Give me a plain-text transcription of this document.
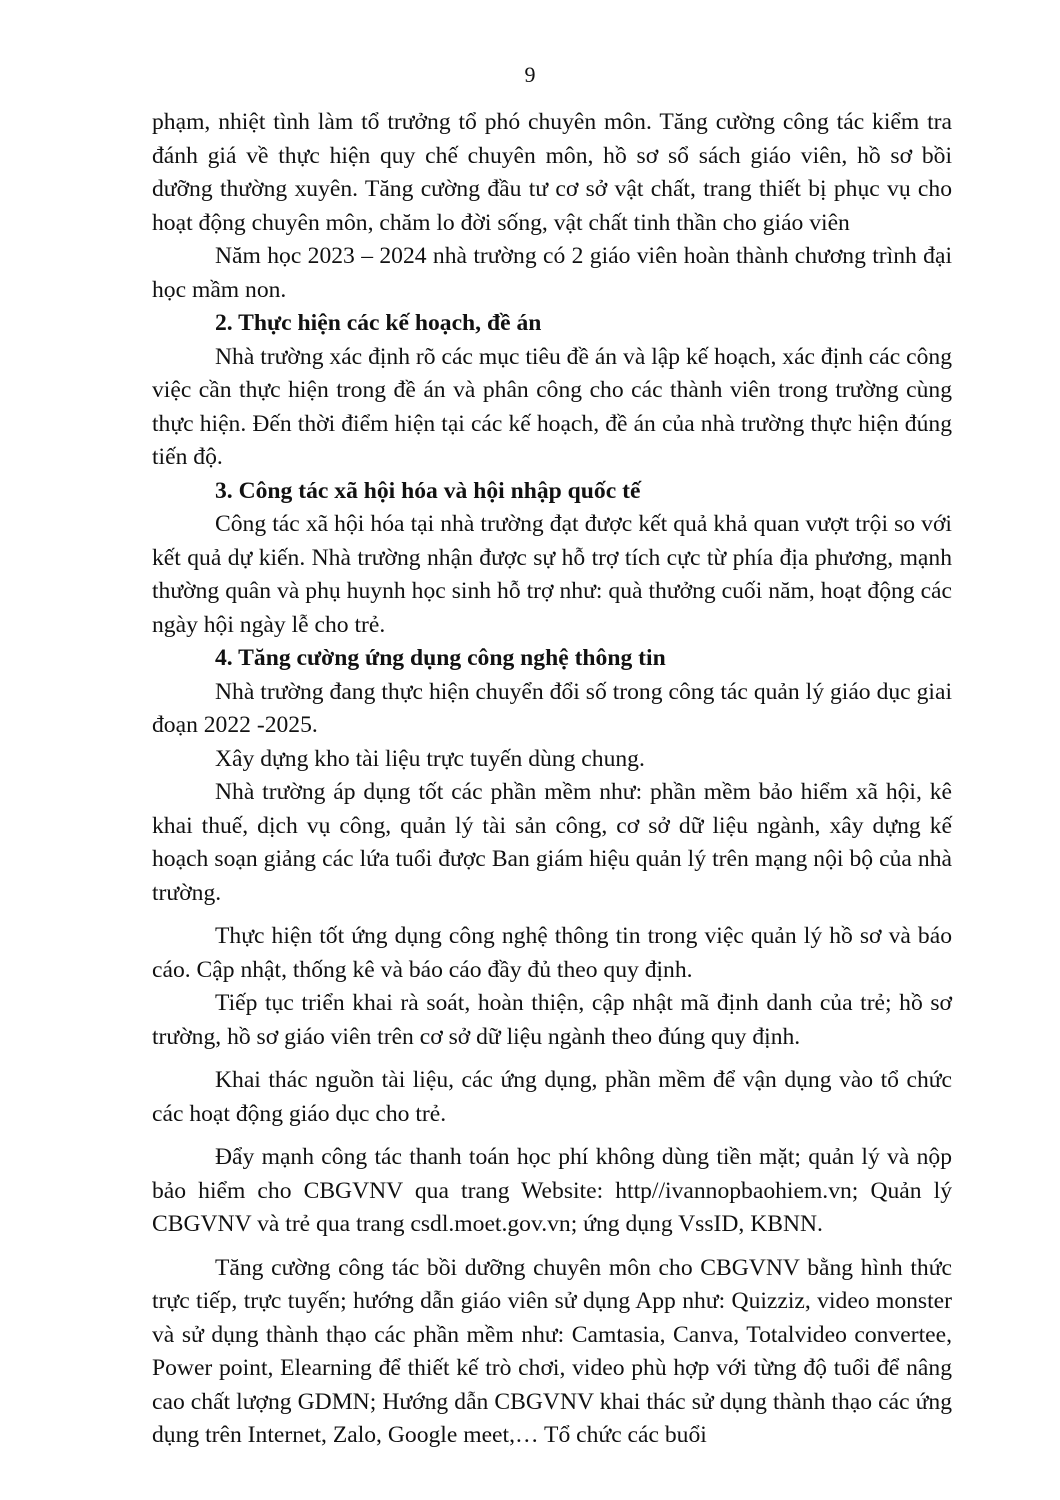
9

phạm, nhiệt tình làm tổ trưởng tổ phó chuyên môn. Tăng cường công tác kiểm tra đánh giá về thực hiện quy chế chuyên môn, hồ sơ sổ sách giáo viên, hồ sơ bồi dưỡng thường xuyên. Tăng cường đầu tư cơ sở vật chất, trang thiết bị phục vụ cho hoạt động chuyên môn, chăm lo đời sống, vật chất tinh thần cho giáo viên

Năm học 2023 – 2024 nhà trường có 2 giáo viên hoàn thành chương trình đại học mầm non.

2. Thực hiện các kế hoạch, đề án

Nhà trường xác định rõ các mục tiêu đề án và lập kế hoạch, xác định các công việc cần thực hiện trong đề án và phân công cho các thành viên trong trường cùng thực hiện. Đến thời điểm hiện tại các kế hoạch, đề án của nhà trường thực hiện đúng tiến độ.

3. Công tác xã hội hóa và hội nhập quốc tế

Công tác xã hội hóa tại nhà trường đạt được kết quả khả quan vượt trội so với kết quả dự kiến. Nhà trường nhận được sự hỗ trợ tích cực từ phía địa phương, mạnh thường quân và phụ huynh học sinh hỗ trợ như: quà thưởng cuối năm, hoạt động các ngày hội ngày lễ cho trẻ.

4. Tăng cường ứng dụng công nghệ thông tin

Nhà trường đang thực hiện chuyển đổi số trong công tác quản lý giáo dục giai đoạn 2022 -2025.

Xây dựng kho tài liệu trực tuyến dùng chung.

Nhà trường áp dụng tốt các phần mềm như: phần mềm bảo hiểm xã hội, kê khai thuế, dịch vụ công, quản lý tài sản công, cơ sở dữ liệu ngành, xây dựng kế hoạch soạn giảng các lứa tuổi được Ban giám hiệu quản lý trên mạng nội bộ của nhà trường.

Thực hiện tốt ứng dụng công nghệ thông tin trong việc quản lý hồ sơ và báo cáo. Cập nhật, thống kê và báo cáo đầy đủ theo quy định.

Tiếp tục triển khai rà soát, hoàn thiện, cập nhật mã định danh của trẻ; hồ sơ trường, hồ sơ giáo viên trên cơ sở dữ liệu ngành theo đúng quy định.

Khai thác nguồn tài liệu, các ứng dụng, phần mềm để vận dụng vào tổ chức các hoạt động giáo dục cho trẻ.

Đẩy mạnh công tác thanh toán học phí không dùng tiền mặt; quản lý và nộp bảo hiểm cho CBGVNV qua trang Website: http//ivannopbaohiem.vn; Quản lý CBGVNV và trẻ qua trang csdl.moet.gov.vn; ứng dụng VssID, KBNN.

Tăng cường công tác bồi dưỡng chuyên môn cho CBGVNV bằng hình thức trực tiếp, trực tuyến; hướng dẫn giáo viên sử dụng App như: Quizziz, video monster và sử dụng thành thạo các phần mềm như: Camtasia, Canva, Totalvideo convertee, Power point, Elearning để thiết kế trò chơi, video phù hợp với từng độ tuổi để nâng cao chất lượng GDMN; Hướng dẫn CBGVNV khai thác sử dụng thành thạo các ứng dụng trên Internet, Zalo, Google meet,… Tổ chức các buổi
